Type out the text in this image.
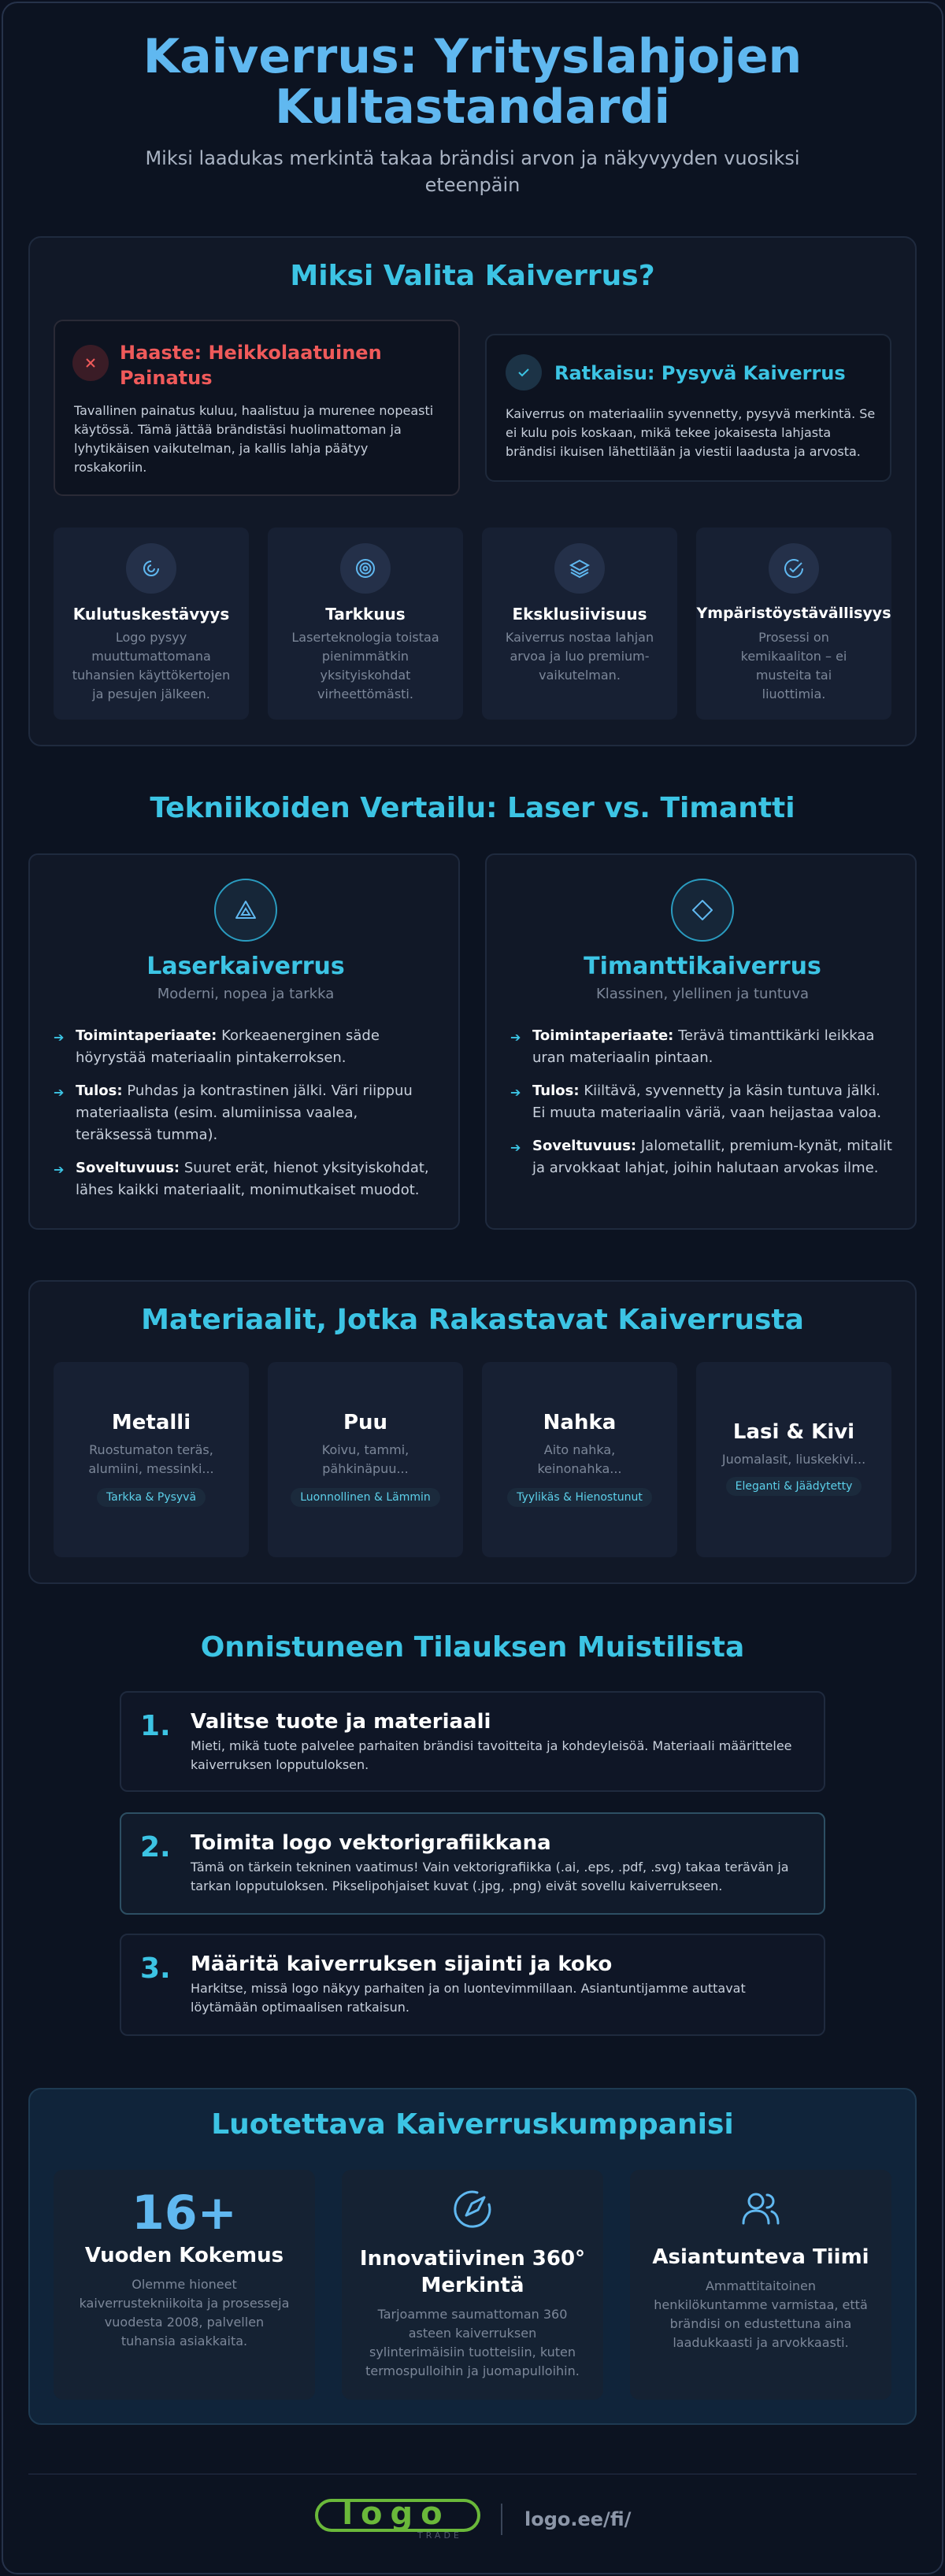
Kaiverrus: Yrityslahjojen
Kultastandardi

Miksi laadukas merkintä takaa brändisi arvon ja näkyvyyden vuosiksi
eteenpäin

Miksi Valita Kaiverrus?
Haaste: Heikkolaatuinen
Painatus
Tavallinen painatus kuluu, haalistuu ja murenee nopeasti käytössä. Tämä jättää brändistäsi huolimattoman ja lyhytikäisen vaikutelman, ja kallis lahja päätyy roskakoriin.
Ratkaisu: Pysyvä Kaiverrus
Kaiverrus on materiaaliin syvennetty, pysyvä merkintä. Se ei kulu pois koskaan, mikä tekee jokaisesta lahjasta brändisi ikuisen lähettilään ja viestii laadusta ja arvosta.
Kulutuskestävyys
Logo pysyy muuttumattomana tuhansien käyttökertojen ja pesujen jälkeen.
Tarkkuus
Laserteknologia toistaa pienimmätkin yksityiskohdat virheettömästi.
Eksklusiivisuus
Kaiverrus nostaa lahjan arvoa ja luo premium-vaikutelman.
Ympäristöystävällisyys
Prosessi on kemikaaliton – ei musteita tai liuottimia.
Tekniikoiden Vertailu: Laser vs. Timantti
Laserkaiverrus
Moderni, nopea ja tarkka
➔ Toimintaperiaate: Korkeaenerginen säde höyrystää materiaalin pintakerroksen.
➔ Tulos: Puhdas ja kontrastinen jälki. Väri riippuu materiaalista (esim. alumiinissa vaalea, teräksessä tumma).
➔ Soveltuvuus: Suuret erät, hienot yksityiskohdat, lähes kaikki materiaalit, monimutkaiset muodot.
Timanttikaiverrus
Klassinen, ylellinen ja tuntuva
➔ Toimintaperiaate: Terävä timanttikärki leikkaa uran materiaalin pintaan.
➔ Tulos: Kiiltävä, syvennetty ja käsin tuntuva jälki. Ei muuta materiaalin väriä, vaan heijastaa valoa.
➔ Soveltuvuus: Jalometallit, premium-kynät, mitalit ja arvokkaat lahjat, joihin halutaan arvokas ilme.
Materiaalit, Jotka Rakastavat Kaiverrusta
Metalli
Ruostumaton teräs,
alumiini, messinki...
Tarkka & Pysyvä
Puu
Koivu, tammi,
pähkinäpuu...
Luonnollinen & Lämmin
Nahka
Aito nahka,
keinonahka...
Tyylikäs & Hienostunut
Lasi & Kivi
Juomalasit, liuskekivi...
Eleganti & Jäädytetty
Onnistuneen Tilauksen Muistilista
1. Valitse tuote ja materiaali
Mieti, mikä tuote palvelee parhaiten brändisi tavoitteita ja kohdeyleisöä. Materiaali määrittelee kaiverruksen lopputuloksen.
2. Toimita logo vektorigrafiikkana
Tämä on tärkein tekninen vaatimus! Vain vektorigrafiikka (.ai, .eps, .pdf, .svg) takaa terävän ja tarkan lopputuloksen. Pikselipohjaiset kuvat (.jpg, .png) eivät sovellu kaiverrukseen.
3. Määritä kaiverruksen sijainti ja koko
Harkitse, missä logo näkyy parhaiten ja on luontevimmillaan. Asiantuntijamme auttavat löytämään optimaalisen ratkaisun.
Luotettava Kaiverruskumppanisi
16+
Vuoden Kokemus
Olemme hioneet kaiverrustekniikoita ja prosesseja vuodesta 2008, palvellen tuhansia asiakkaita.
Innovatiivinen 360°
Merkintä
Tarjoamme saumattoman 360 asteen kaiverruksen sylinterimäisiin tuotteisiin, kuten termospulloihin ja juomapulloihin.
Asiantunteva Tiimi
Ammattitaitoinen henkilökuntamme varmistaa, että brändisi on edustettuna aina laadukkaasti ja arvokkaasti.
logo
TRADE
logo.ee/fi/
